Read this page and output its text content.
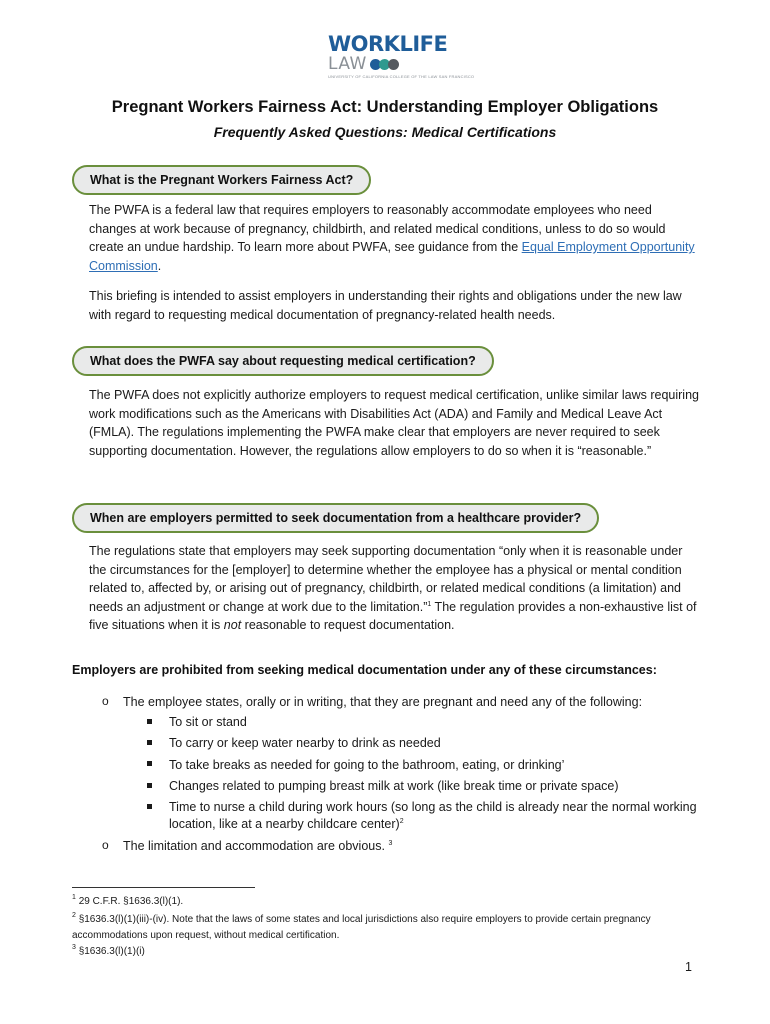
WORKLIFE
LAW
UNIVERSITY OF CALIFORNIA COLLEGE OF THE LAW SAN FRANCISCO
Pregnant Workers Fairness Act: Understanding Employer Obligations
Frequently Asked Questions: Medical Certifications
What is the Pregnant Workers Fairness Act?
The PWFA is a federal law that requires employers to reasonably accommodate employees who need changes at work because of pregnancy, childbirth, and related medical conditions, unless to do so would create an undue hardship. To learn more about PWFA, see guidance from the Equal Employment Opportunity Commission.
This briefing is intended to assist employers in understanding their rights and obligations under the new law with regard to requesting medical documentation of pregnancy-related health needs.
What does the PWFA say about requesting medical certification?
The PWFA does not explicitly authorize employers to request medical certification, unlike similar laws requiring work modifications such as the Americans with Disabilities Act (ADA) and Family and Medical Leave Act (FMLA). The regulations implementing the PWFA make clear that employers are never required to seek supporting documentation. However, the regulations allow employers to do so when it is “reasonable.”
When are employers permitted to seek documentation from a healthcare provider?
The regulations state that employers may seek supporting documentation “only when it is reasonable under the circumstances for the [employer] to determine whether the employee has a physical or mental condition related to, affected by, or arising out of pregnancy, childbirth, or related medical conditions (a limitation) and needs an adjustment or change at work due to the limitation.”$^1$ The regulation provides a non-exhaustive list of five situations when it is not reasonable to request documentation.
Employers are prohibited from seeking medical documentation under any of these circumstances:
o The employee states, orally or in writing, that they are pregnant and need any of the following:
To sit or stand
To carry or keep water nearby to drink as needed
To take breaks as needed for going to the bathroom, eating, or drinking’
Changes related to pumping breast milk at work (like break time or private space)
Time to nurse a child during work hours (so long as the child is already near the normal working location, like at a nearby childcare center)$^2$
o The limitation and accommodation are obvious. $^3$
$^1$ 29 C.F.R. §1636.3(l)(1).
$^2$ §1636.3(l)(1)(iii)-(iv). Note that the laws of some states and local jurisdictions also require employers to provide certain pregnancy accommodations upon request, without medical certification.
$^3$ §1636.3(l)(1)(i)
1
